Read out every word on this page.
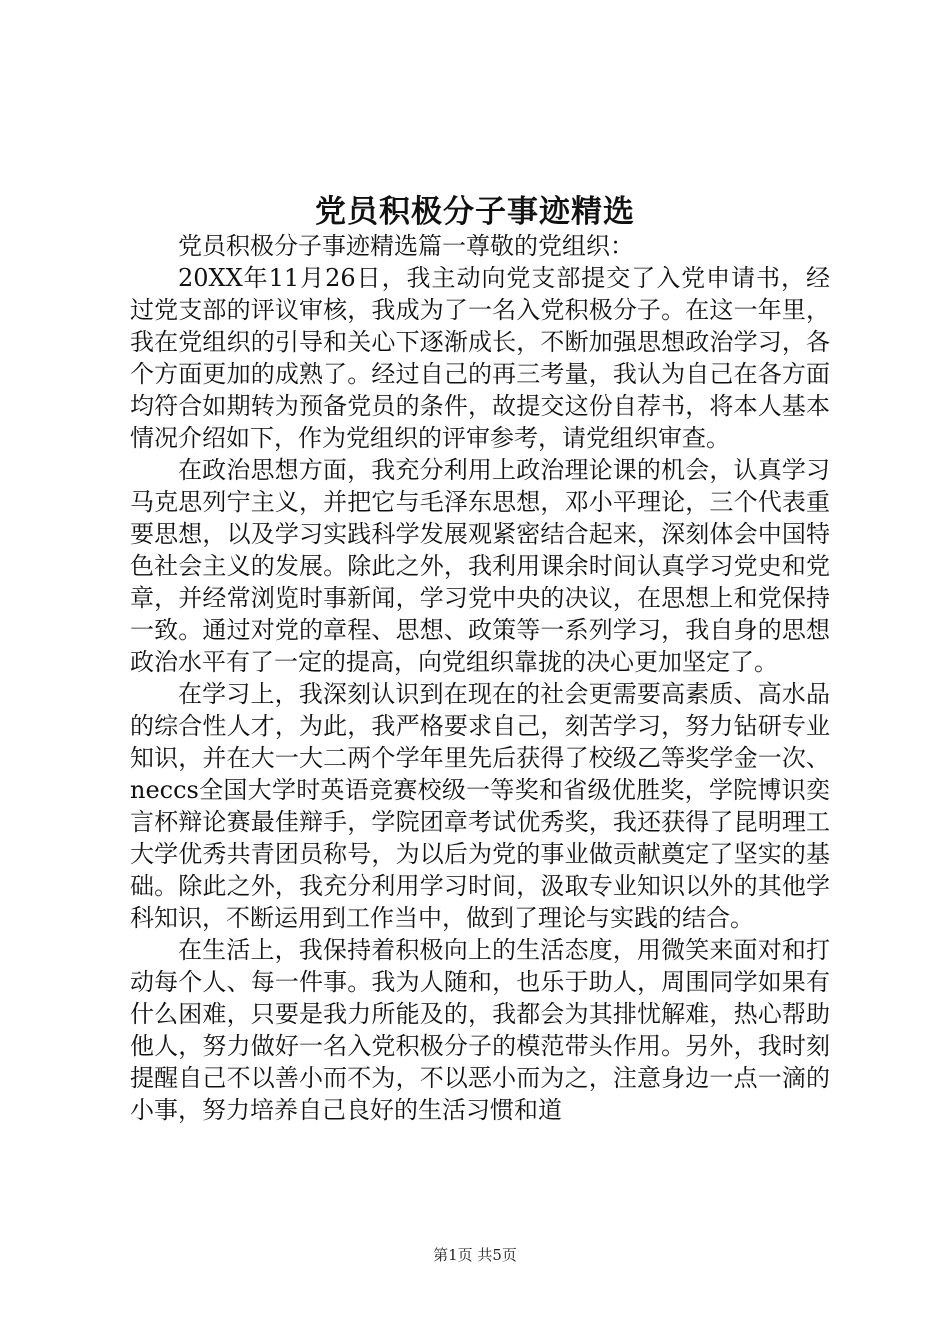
党员积极分子事迹精选

党员积极分子事迹精选篇一尊敬的党组织：

20XX年11月26日，我主动向党支部提交了入党申请书，经过党支部的评议审核，我成为了一名入党积极分子。在这一年里，我在党组织的引导和关心下逐渐成长，不断加强思想政治学习，各个方面更加的成熟了。经过自己的再三考量，我认为自己在各方面均符合如期转为预备党员的条件，故提交这份自荐书，将本人基本情况介绍如下，作为党组织的评审参考，请党组织审查。

在政治思想方面，我充分利用上政治理论课的机会，认真学习马克思列宁主义，并把它与毛泽东思想，邓小平理论，三个代表重要思想，以及学习实践科学发展观紧密结合起来，深刻体会中国特色社会主义的发展。除此之外，我利用课余时间认真学习党史和党章，并经常浏览时事新闻，学习党中央的决议，在思想上和党保持一致。通过对党的章程、思想、政策等一系列学习，我自身的思想政治水平有了一定的提高，向党组织靠拢的决心更加坚定了。

在学习上，我深刻认识到在现在的社会更需要高素质、高水品的综合性人才，为此，我严格要求自己，刻苦学习，努力钻研专业知识，并在大一大二两个学年里先后获得了校级乙等奖学金一次、neccs全国大学时英语竞赛校级一等奖和省级优胜奖，学院博识奕言杯辩论赛最佳辩手，学院团章考试优秀奖，我还获得了昆明理工大学优秀共青团员称号，为以后为党的事业做贡献奠定了坚实的基础。除此之外，我充分利用学习时间，汲取专业知识以外的其他学科知识，不断运用到工作当中，做到了理论与实践的结合。

在生活上，我保持着积极向上的生活态度，用微笑来面对和打动每个人、每一件事。我为人随和，也乐于助人，周围同学如果有什么困难，只要是我力所能及的，我都会为其排忧解难，热心帮助他人，努力做好一名入党积极分子的模范带头作用。另外，我时刻提醒自己不以善小而不为，不以恶小而为之，注意身边一点一滴的小事，努力培养自己良好的生活习惯和道

第1页 共5页
